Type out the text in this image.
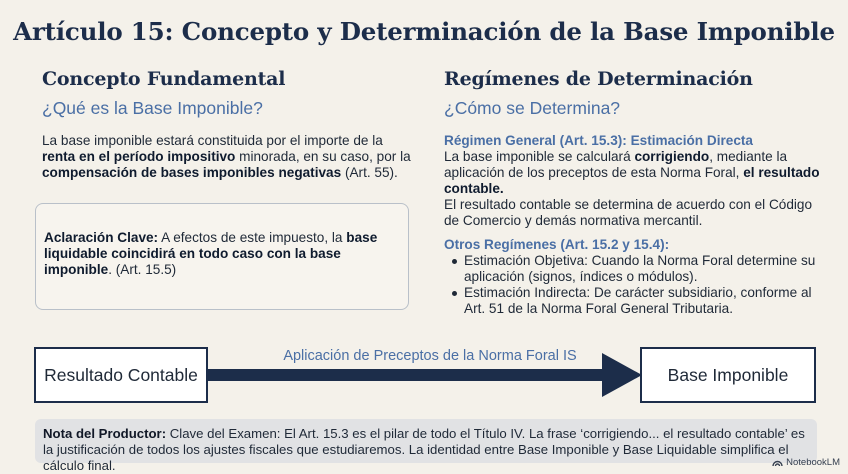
Artículo 15: Concepto y Determinación de la Base Imponible
Concepto Fundamental
¿Qué es la Base Imponible?
La base imponible estará constituida por el importe de la renta en el período impositivo minorada, en su caso, por la compensación de bases imponibles negativas (Art. 55).
Aclaración Clave: A efectos de este impuesto, la base liquidable coincidirá en todo caso con la base imponible. (Art. 15.5)
Regímenes de Determinación
¿Cómo se Determina?
Régimen General (Art. 15.3): Estimación Directa
La base imponible se calculará corrigiendo, mediante la aplicación de los preceptos de esta Norma Foral, el resultado contable.
El resultado contable se determina de acuerdo con el Código de Comercio y demás normativa mercantil.
Otros Regímenes (Art. 15.2 y 15.4):
Estimación Objetiva: Cuando la Norma Foral determine su aplicación (signos, índices o módulos).
Estimación Indirecta: De carácter subsidiario, conforme al Art. 51 de la Norma Foral General Tributaria.
Resultado Contable
Aplicación de Preceptos de la Norma Foral IS
Base Imponible
Nota del Productor: Clave del Examen: El Art. 15.3 es el pilar de todo el Título IV. La frase ‘corrigiendo... el resultado contable’ es la justificación de todos los ajustes fiscales que estudiaremos. La identidad entre Base Imponible y Base Liquidable simplifica el cálculo final.	NotebookLM
